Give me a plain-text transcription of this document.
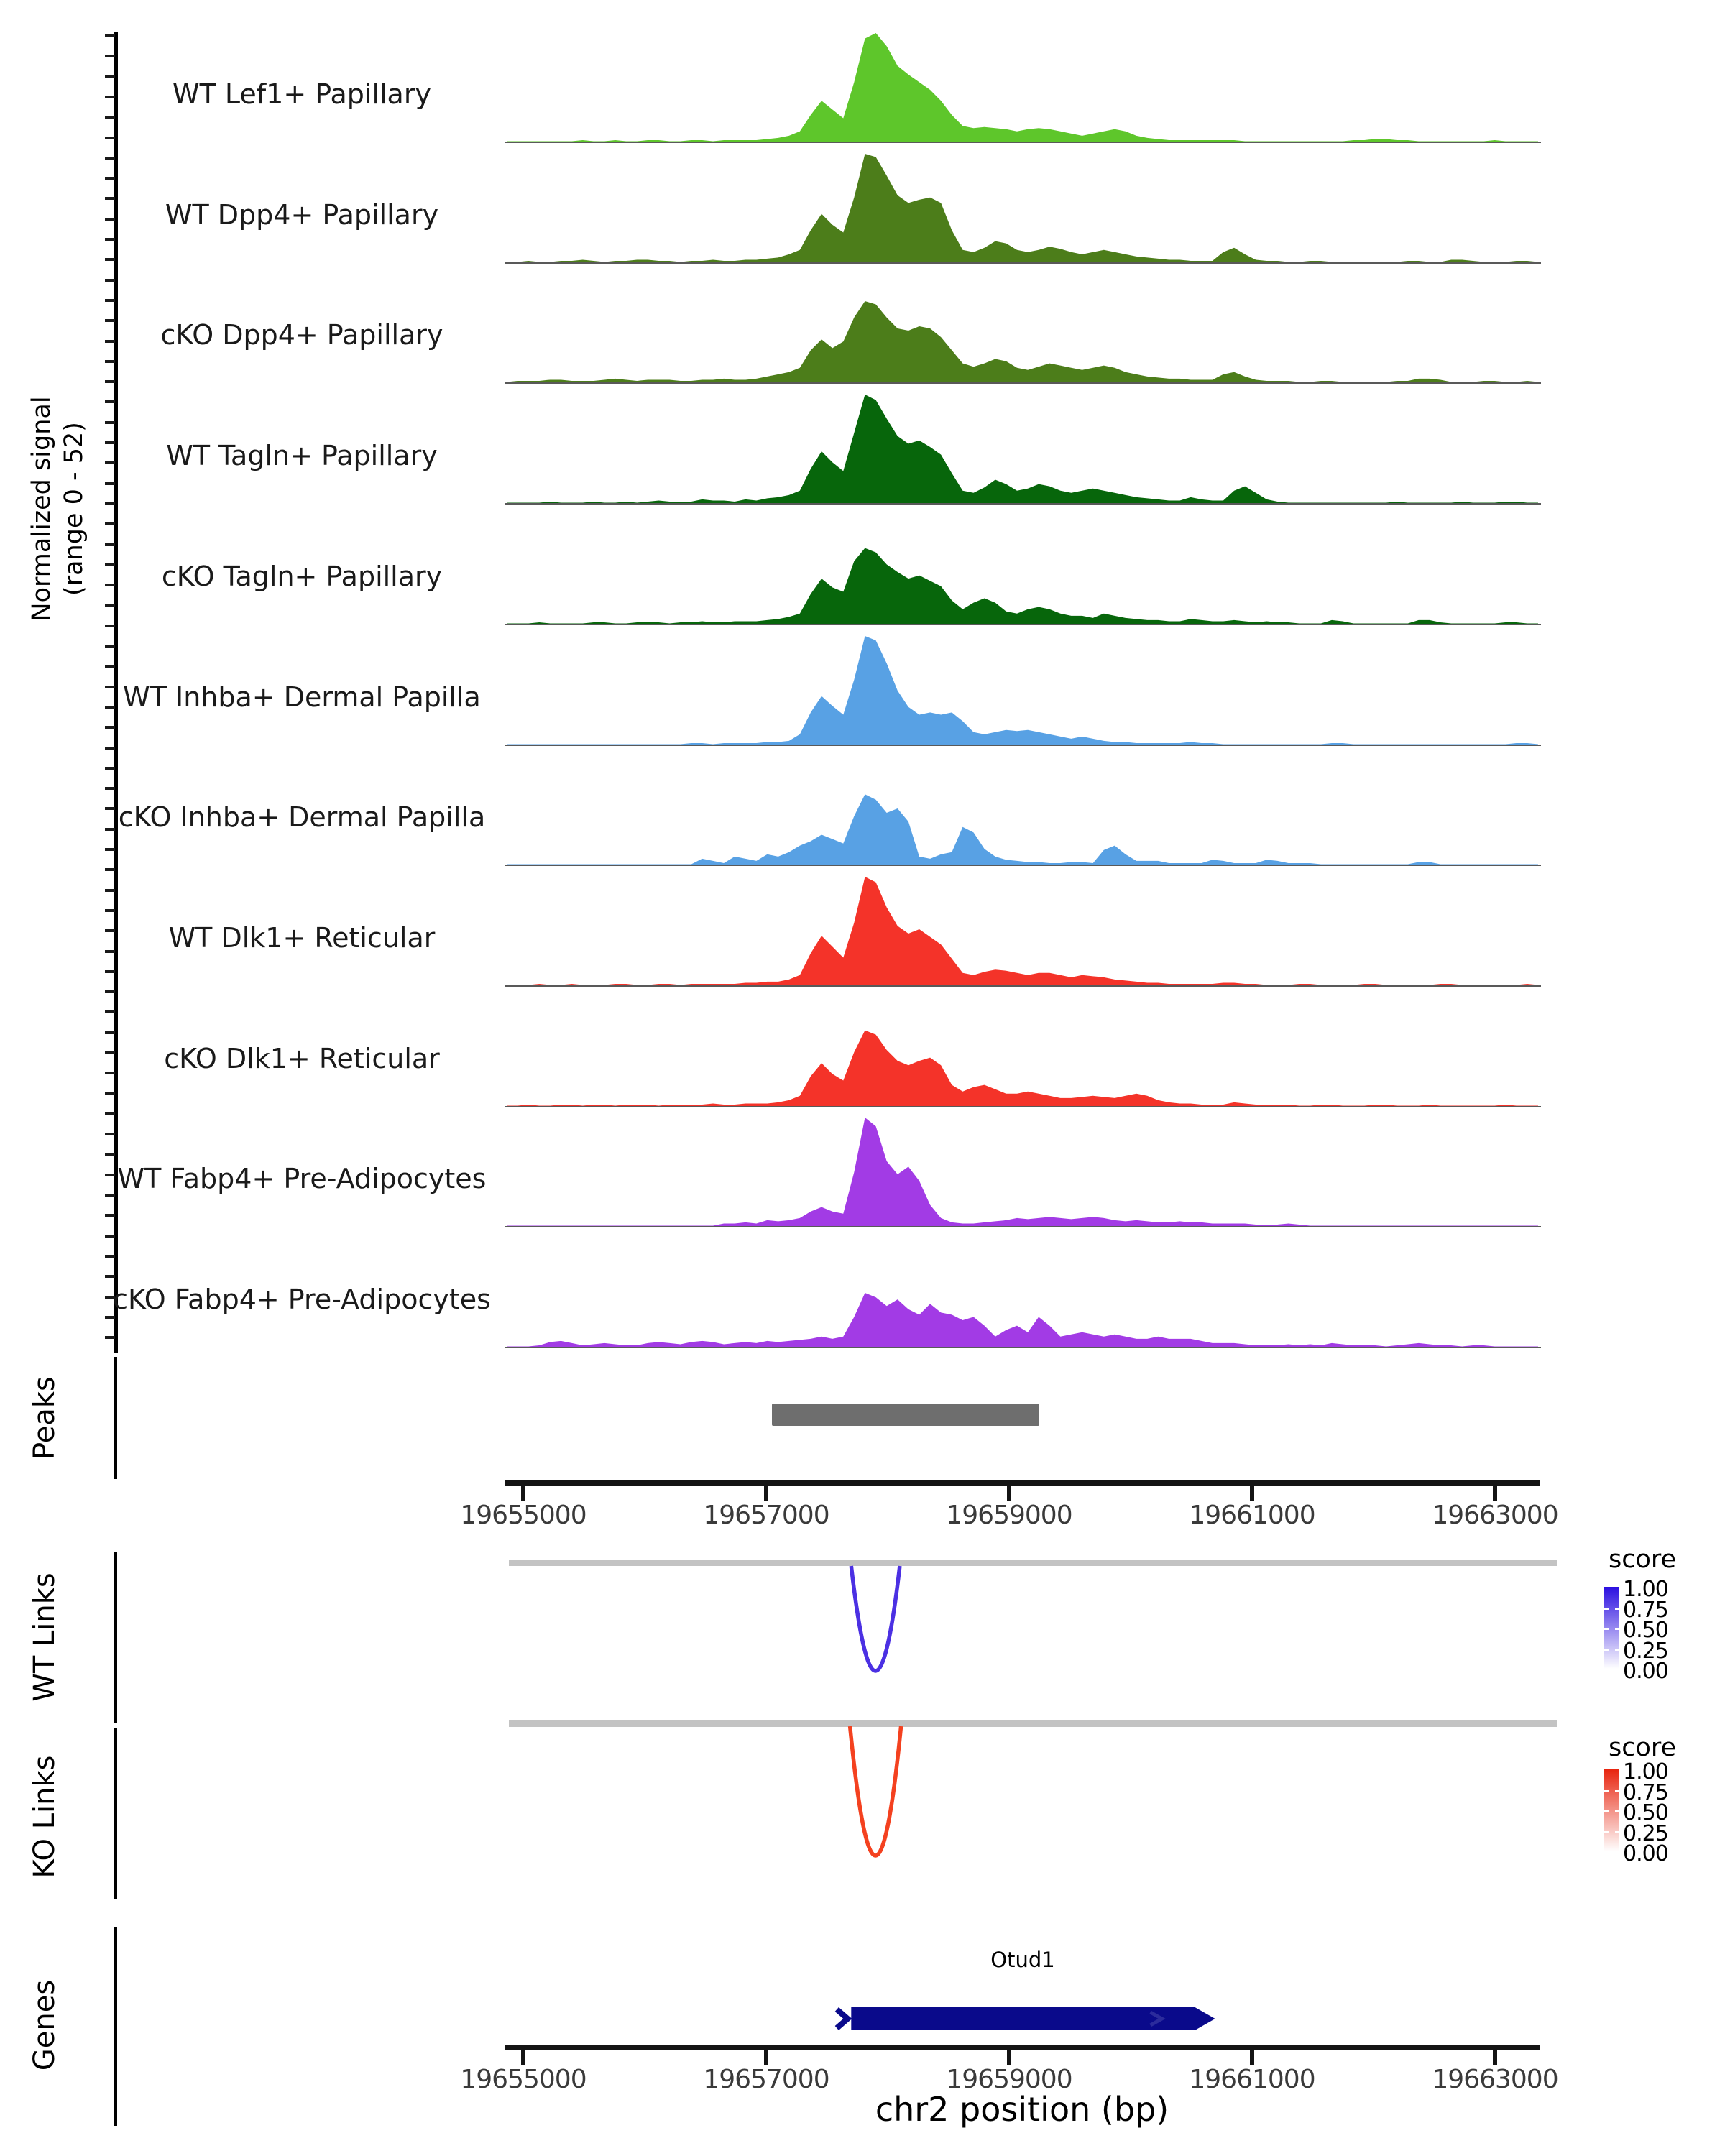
Normalized signal (range 0 - 52)
WT Lef1+ Papillary
WT Dpp4+ Papillary
cKO Dpp4+ Papillary
WT Tagln+ Papillary
cKO Tagln+ Papillary
WT Inhba+ Dermal Papilla
cKO Inhba+ Dermal Papilla
WT Dlk1+ Reticular
cKO Dlk1+ Reticular
WT Fabp4+ Pre-Adipocytes
cKO Fabp4+ Pre-Adipocytes
Peaks
19655000	19657000	19659000	19661000	19663000
WT Links
KO Links
score
1.00
0.75
0.50
0.25
0.00
score
1.00
0.75
0.50
0.25
0.00
Genes
Otud1
19655000	19657000	19659000	19661000	19663000
chr2 position (bp)
